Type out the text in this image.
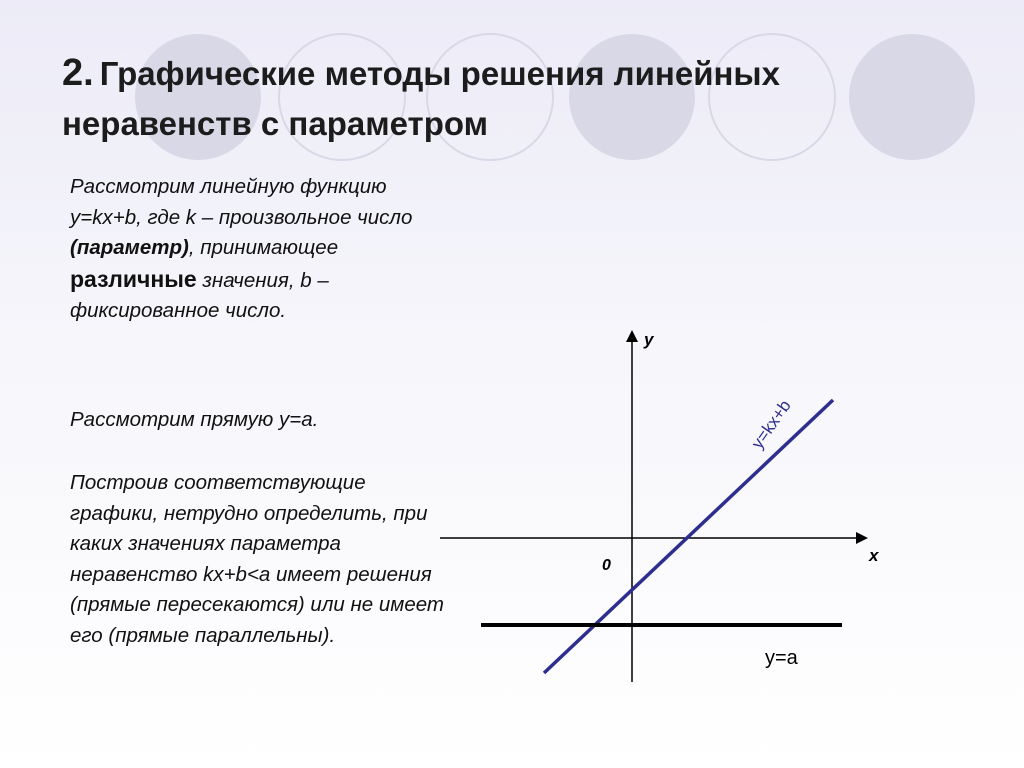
2. Графические методы решения линейных неравенств с параметром
Рассмотрим линейную функцию y=kx+b, где k – произвольное число (параметр), принимающее различные значения, b – фиксированное число.
Рассмотрим прямую y=a.
Построив соответствующие графики, нетрудно определить, при каких значениях параметра неравенство kx+b<a имеет решения (прямые пересекаются) или не имеет его (прямые параллельны).
y
x
0
y=kx+b
y=a
